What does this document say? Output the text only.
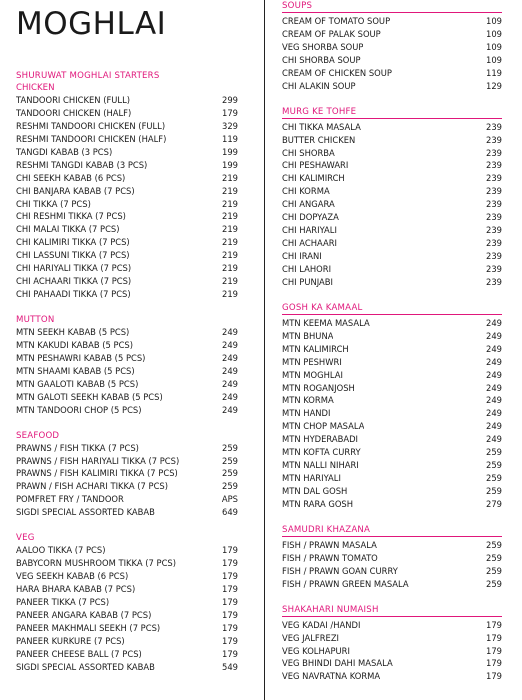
MOGHLAI
SHURUWAT MOGHLAI STARTERS
CHICKEN
TANDOORI CHICKEN (FULL)	299
TANDOORI CHICKEN (HALF)	179
RESHMI TANDOORI CHICKEN (FULL)	329
RESHMI TANDOORI CHICKEN (HALF)	119
TANGDI KABAB (3 PCS)	199
RESHMI TANGDI KABAB (3 PCS)	199
CHI SEEKH KABAB (6 PCS)	219
CHI BANJARA KABAB (7 PCS)	219
CHI TIKKA (7 PCS)	219
CHI RESHMI TIKKA (7 PCS)	219
CHI MALAI TIKKA (7 PCS)	219
CHI KALIMIRI TIKKA (7 PCS)	219
CHI LASSUNI TIKKA (7 PCS)	219
CHI HARIYALI TIKKA (7 PCS)	219
CHI ACHAARI TIKKA (7 PCS)	219
CHI PAHAADI TIKKA (7 PCS)	219
MUTTON
MTN SEEKH KABAB (5 PCS)	249
MTN KAKUDI KABAB (5 PCS)	249
MTN PESHAWRI KABAB (5 PCS)	249
MTN SHAAMI KABAB (5 PCS)	249
MTN GAALOTI KABAB (5 PCS)	249
MTN GALOTI SEEKH KABAB (5 PCS)	249
MTN TANDOORI CHOP (5 PCS)	249
SEAFOOD
PRAWNS / FISH TIKKA (7 PCS)	259
PRAWNS / FISH HARIYALI TIKKA (7 PCS)	259
PRAWNS / FISH KALIMIRI TIKKA (7 PCS)	259
PRAWN / FISH ACHARI TIKKA (7 PCS)	259
POMFRET FRY / TANDOOR	APS
SIGDI SPECIAL ASSORTED KABAB	649
VEG
AALOO TIKKA (7 PCS)	179
BABYCORN MUSHROOM TIKKA (7 PCS)	179
VEG SEEKH KABAB (6 PCS)	179
HARA BHARA KABAB (7 PCS)	179
PANEER TIKKA (7 PCS)	179
PANEER ANGARA KABAB (7 PCS)	179
PANEER MAKHMALI SEEKH (7 PCS)	179
PANEER KURKURE (7 PCS)	179
PANEER CHEESE BALL (7 PCS)	179
SIGDI SPECIAL ASSORTED KABAB	549
SOUPS
CREAM OF TOMATO SOUP	109
CREAM OF PALAK SOUP	109
VEG SHORBA SOUP	109
CHI SHORBA SOUP	109
CREAM OF CHICKEN SOUP	119
CHI ALAKIN SOUP	129
MURG KE TOHFE
CHI TIKKA MASALA	239
BUTTER CHICKEN	239
CHI SHORBA	239
CHI PESHAWARI	239
CHI KALIMIRCH	239
CHI KORMA	239
CHI ANGARA	239
CHI DOPYAZA	239
CHI HARIYALI	239
CHI ACHAARI	239
CHI IRANI	239
CHI LAHORI	239
CHI PUNJABI	239
GOSH KA KAMAAL
MTN KEEMA MASALA	249
MTN BHUNA	249
MTN KALIMIRCH	249
MTN PESHWRI	249
MTN MOGHLAI	249
MTN ROGANJOSH	249
MTN KORMA	249
MTN HANDI	249
MTN CHOP MASALA	249
MTN HYDERABADI	249
MTN KOFTA CURRY	259
MTN NALLI NIHARI	259
MTN HARIYALI	259
MTN DAL GOSH	259
MTN RARA GOSH	279
SAMUDRI KHAZANA
FISH / PRAWN MASALA	259
FISH / PRAWN TOMATO	259
FISH / PRAWN GOAN CURRY	259
FISH / PRAWN GREEN MASALA	259
SHAKAHARI NUMAISH
VEG KADAI /HANDI	179
VEG JALFREZI	179
VEG KOLHAPURI	179
VEG BHINDI DAHI MASALA	179
VEG NAVRATNA KORMA	179
